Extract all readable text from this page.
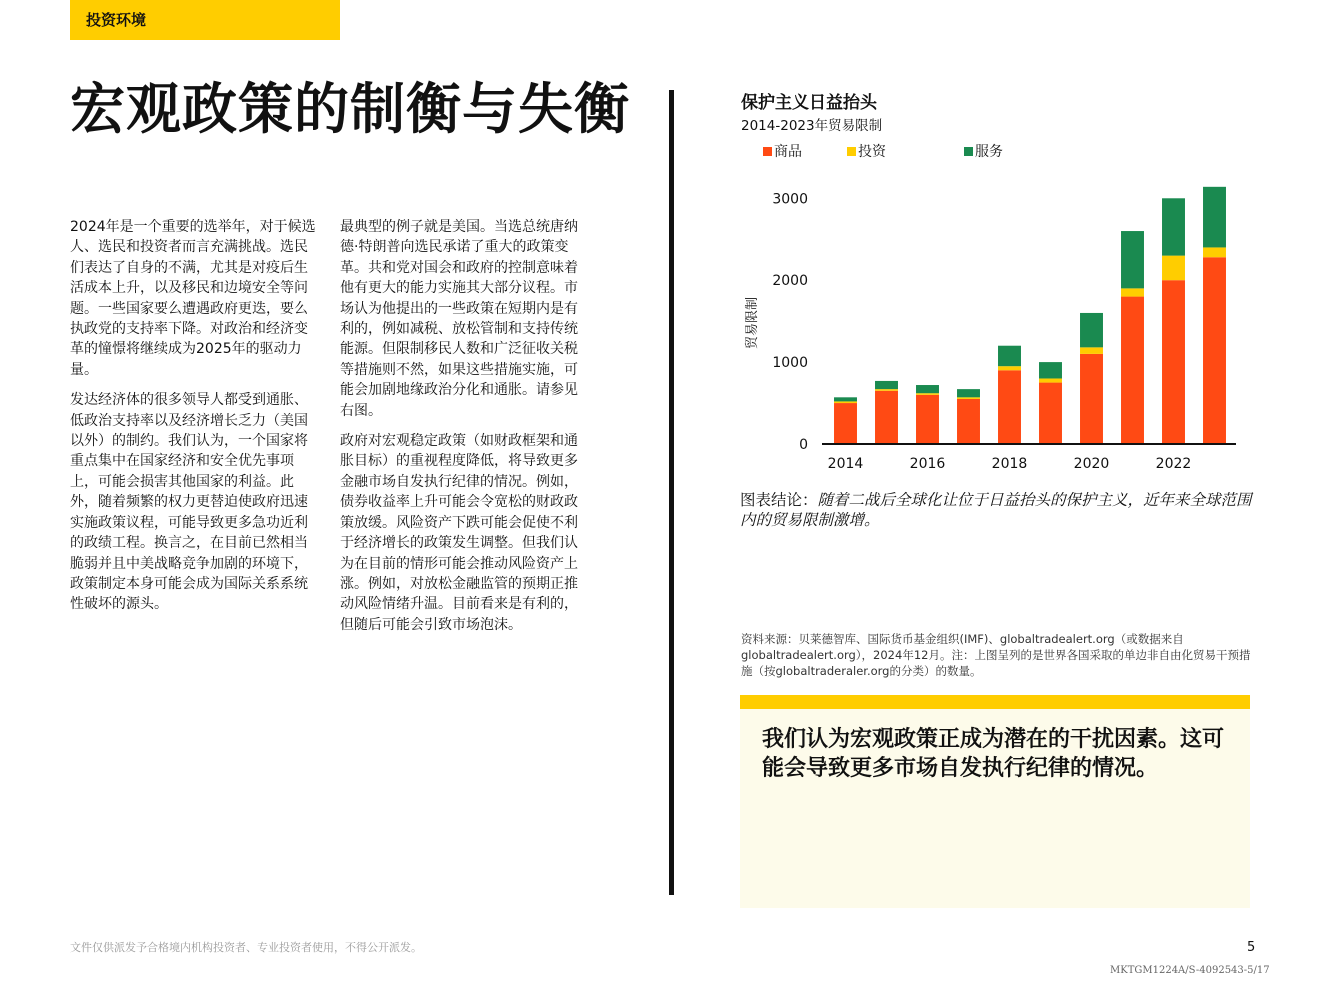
投资环境
宏观政策的制衡与失衡

2024年是一个重要的选举年，对于候选人、选民和投资者而言充满挑战。选民们表达了自身的不满，尤其是对疫后生活成本上升，以及移民和边境安全等问题。一些国家要么遭遇政府更迭，要么执政党的支持率下降。对政治和经济变革的憧憬将继续成为2025年的驱动力量。

发达经济体的很多领导人都受到通胀、低政治支持率以及经济增长乏力（美国以外）的制约。我们认为，一个国家将重点集中在国家经济和安全优先事项上，可能会损害其他国家的利益。此外，随着频繁的权力更替迫使政府迅速实施政策议程，可能导致更多急功近利的政绩工程。换言之，在目前已然相当脆弱并且中美战略竞争加剧的环境下，政策制定本身可能会成为国际关系系统性破坏的源头。

最典型的例子就是美国。当选总统唐纳德·特朗普向选民承诺了重大的政策变革。共和党对国会和政府的控制意味着他有更大的能力实施其大部分议程。市场认为他提出的一些政策在短期内是有利的，例如减税、放松管制和支持传统能源。但限制移民人数和广泛征收关税等措施则不然，如果这些措施实施，可能会加剧地缘政治分化和通胀。请参见右图。

政府对宏观稳定政策（如财政框架和通胀目标）的重视程度降低，将导致更多金融市场自发执行纪律的情况。例如，债券收益率上升可能会令宽松的财政政策放缓。风险资产下跌可能会促使不利于经济增长的政策发生调整。但我们认为在目前的情形可能会推动风险资产上涨。例如，对放松金融监管的预期正推动风险情绪升温。目前看来是有利的，但随后可能会引致市场泡沫。

保护主义日益抬头
2014-2023年贸易限制
商品	投资	服务
0
1000
2000
3000
贸易限制
2014	2016	2018	2020	2022
图表结论：随着二战后全球化让位于日益抬头的保护主义，近年来全球范围内的贸易限制激增。
资料来源：贝莱德智库、国际货币基金组织(IMF)、globaltradealert.org（或数据来自globaltradealert.org），2024年12月。注：上图呈列的是世界各国采取的单边非自由化贸易干预措施（按globaltraderaler.org的分类）的数量。
我们认为宏观政策正成为潜在的干扰因素。这可能会导致更多市场自发执行纪律的情况。
文件仅供派发予合格境内机构投资者、专业投资者使用，不得公开派发。	5
MKTGM1224A/S-4092543-5/17
